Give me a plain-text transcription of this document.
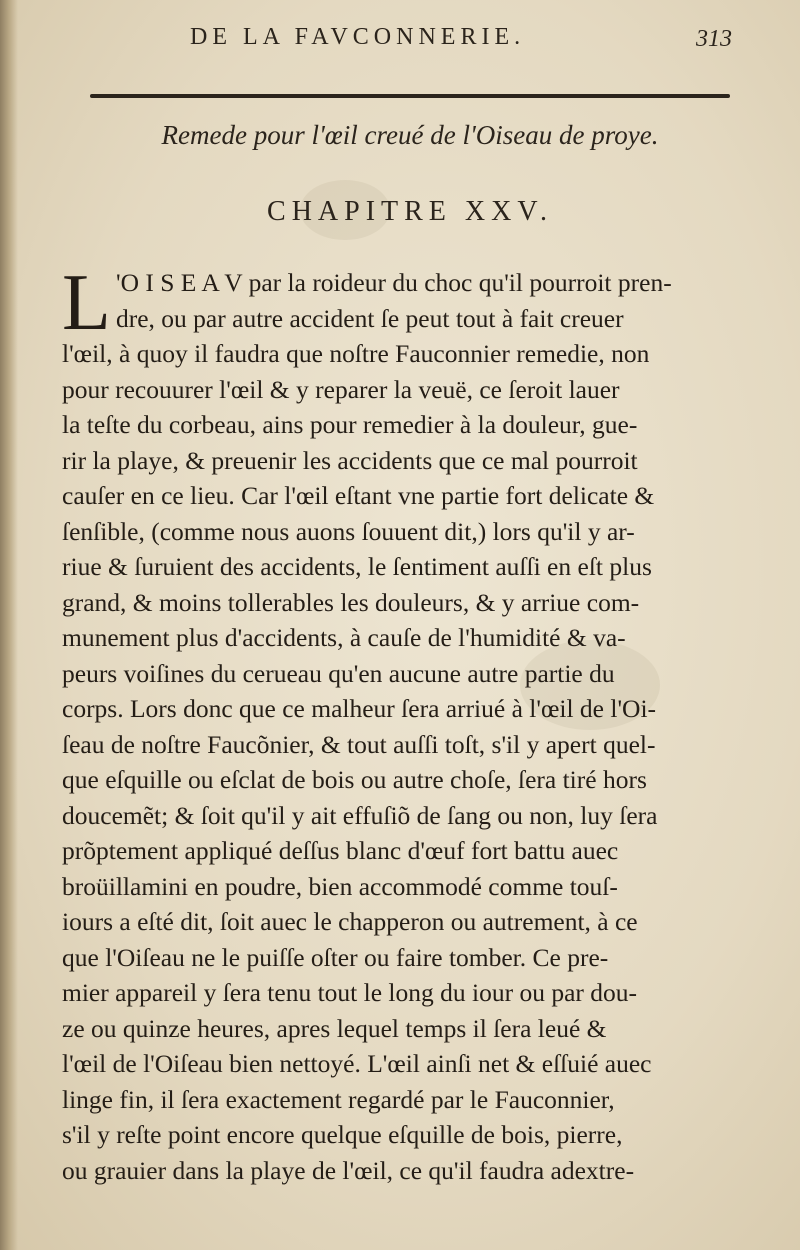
DE LA FAVCONNERIE.	313
Remede pour l'œil creué de l'Oiseau de proye.
CHAPITRE XXV.
L 'O I S E A V par la roideur du choc qu'il pourroit pren-
dre, ou par autre accident ſe peut tout à fait creuer
l'œil, à quoy il faudra que noſtre Fauconnier remedie, non
pour recouurer l'œil & y reparer la veuë, ce ſeroit lauer
la teſte du corbeau, ains pour remedier à la douleur, gue-
rir la playe, & preuenir les accidents que ce mal pourroit
cauſer en ce lieu. Car l'œil eſtant vne partie fort delicate &
ſenſible, (comme nous auons ſouuent dit,) lors qu'il y ar-
riue & ſuruient des accidents, le ſentiment auſſi en eſt plus
grand, & moins tollerables les douleurs, & y arriue com-
munement plus d'accidents, à cauſe de l'humidité & va-
peurs voiſines du cerueau qu'en aucune autre partie du
corps. Lors donc que ce malheur ſera arriué à l'œil de l'Oi-
ſeau de noſtre Faucõnier, & tout auſſi toſt, s'il y apert quel-
que eſquille ou eſclat de bois ou autre choſe, ſera tiré hors
doucemẽt; & ſoit qu'il y ait effuſiõ de ſang ou non, luy ſera
prõptement appliqué deſſus blanc d'œuf fort battu auec
broüillamini en poudre, bien accommodé comme touſ-
iours a eſté dit, ſoit auec le chapperon ou autrement, à ce
que l'Oiſeau ne le puiſſe oſter ou faire tomber. Ce pre-
mier appareil y ſera tenu tout le long du iour ou par dou-
ze ou quinze heures, apres lequel temps il ſera leué &
l'œil de l'Oiſeau bien nettoyé. L'œil ainſi net & eſſuié auec
linge fin, il ſera exactement regardé par le Fauconnier,
s'il y reſte point encore quelque eſquille de bois, pierre,
ou grauier dans la playe de l'œil, ce qu'il faudra adextre-
